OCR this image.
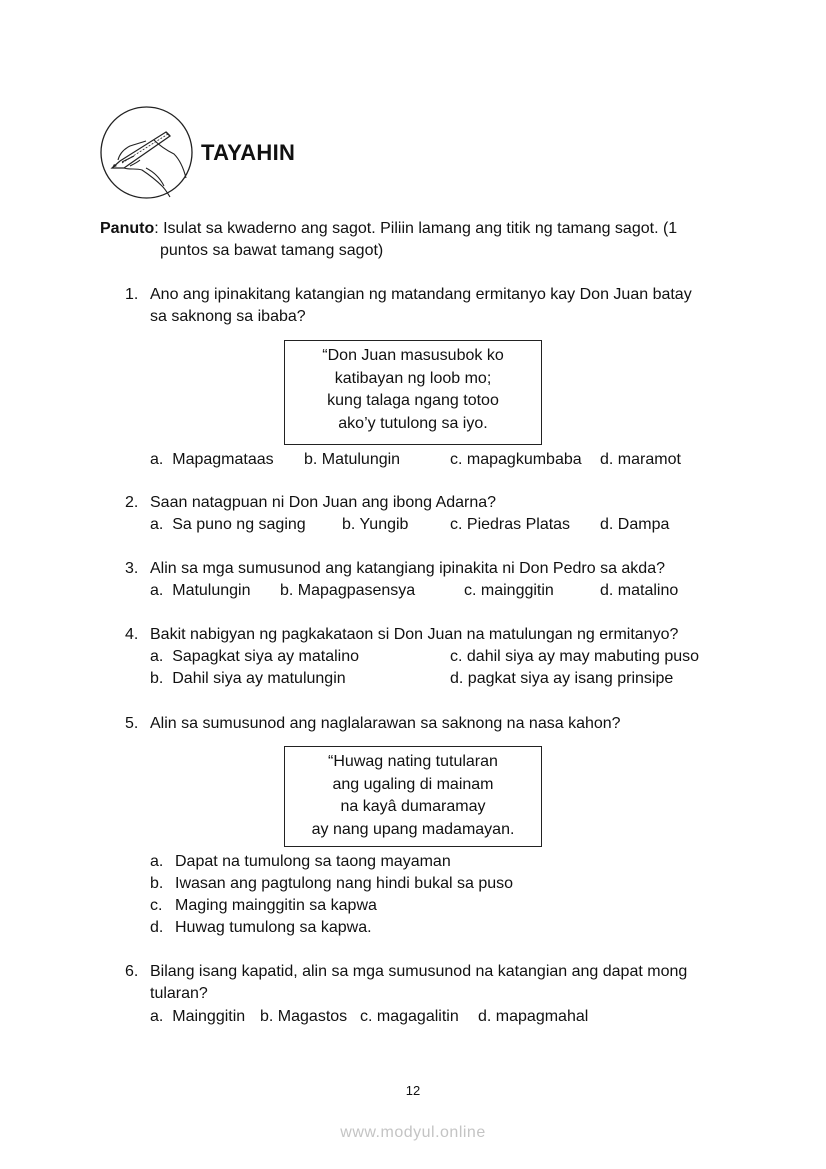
TAYAHIN
Panuto: Isulat sa kwaderno ang sagot. Piliin lamang ang titik ng tamang sagot. (1
puntos sa bawat tamang sagot)
1. Ano ang ipinakitang katangian ng matandang ermitanyo kay Don Juan batay
sa saknong sa ibaba?
“Don Juan masusubok ko
katibayan ng loob mo;
kung talaga ngang totoo
ako’y tutulong sa iyo.
a.  Mapagmataas b. Matulungin	c. mapagkumbaba d. maramot
2. Saan natagpuan ni Don Juan ang ibong Adarna?
a.  Sa puno ng saging b. Yungib	c. Piedras Platas d. Dampa
3. Alin sa mga sumusunod ang katangiang ipinakita ni Don Pedro sa akda?
a.  Matulungin b. Mapagpasensya	c. mainggitin	d. matalino
4. Bakit nabigyan ng pagkakataon si Don Juan na matulungan ng ermitanyo?
a.  Sapagkat siya ay matalino
b.  Dahil siya ay matulungin
c. dahil siya ay may mabuting puso
d. pagkat siya ay isang prinsipe
5. Alin sa sumusunod ang naglalarawan sa saknong na nasa kahon?
“Huwag nating tutularan
ang ugaling di mainam
na kayâ dumaramay
ay nang upang madamayan.
a. Dapat na tumulong sa taong mayaman
b. Iwasan ang pagtulong nang hindi bukal sa puso
c. Maging mainggitin sa kapwa
d. Huwag tumulong sa kapwa.
6. Bilang isang kapatid, alin sa mga sumusunod na katangian ang dapat mong
tularan?
a.  Mainggitin b. Magastos c. magagalitin d. mapagmahal
12
www.modyul.online
